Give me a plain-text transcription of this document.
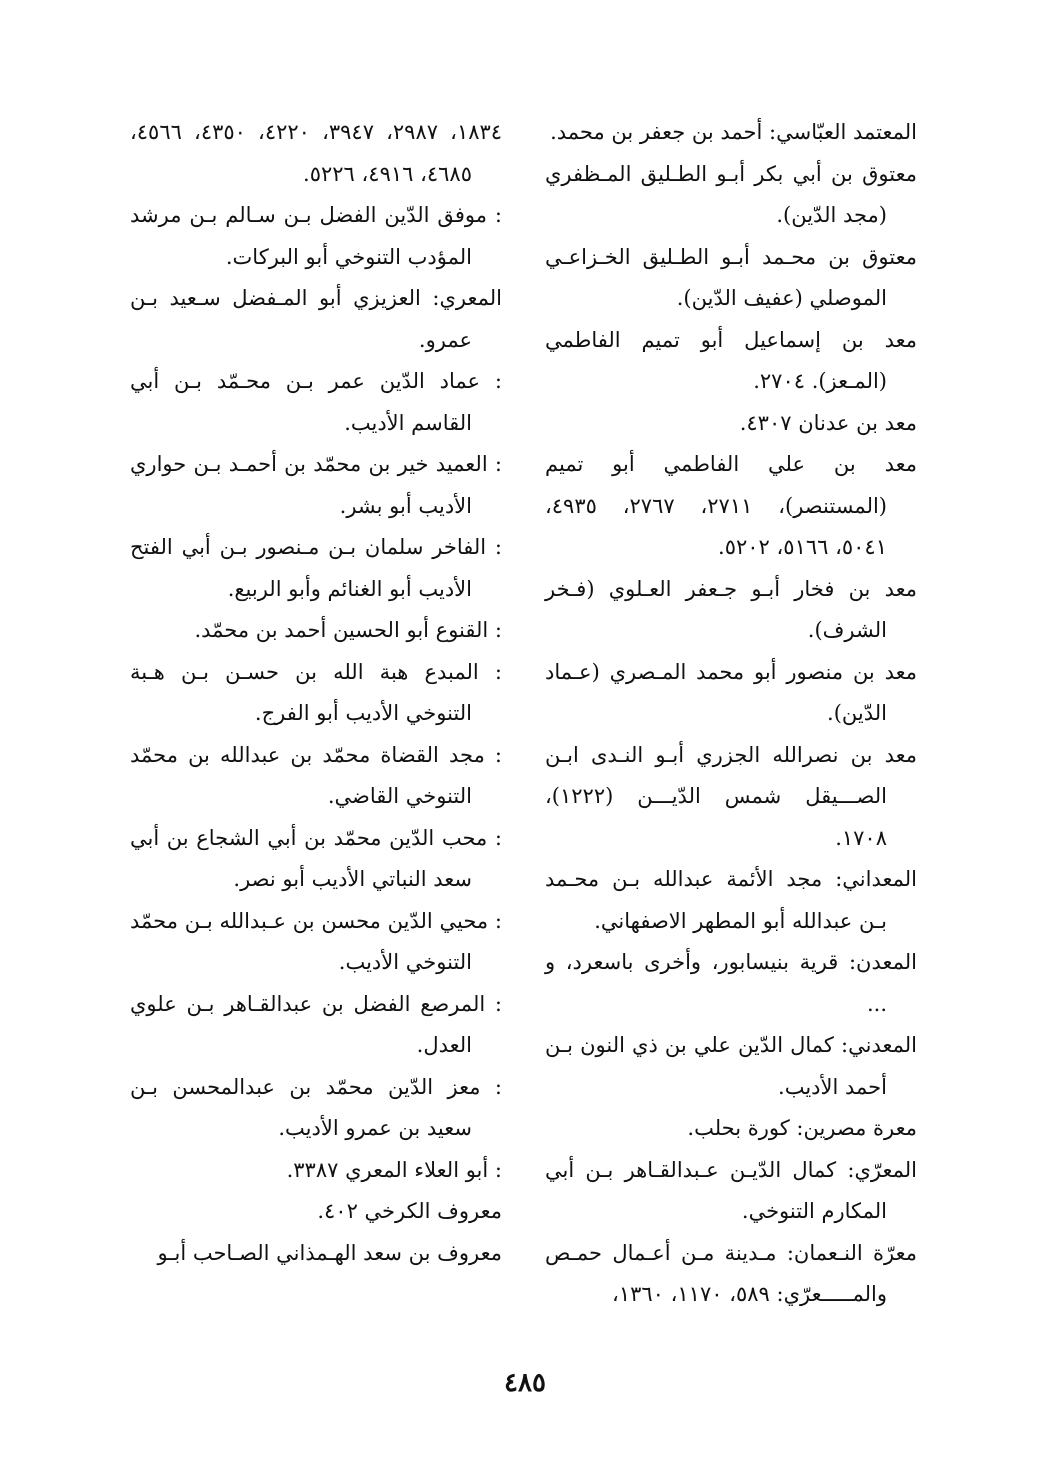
المعتمد العبّاسي: أحمد بن جعفر بن محمد.

معتوق بن أبي بكر أبـو الطـليق المـظفري (مجد الدّين).

معتوق بن محـمد أبـو الطـليق الخـزاعـي الموصلي (عفيف الدّين).

معد بن إسماعيل أبو تميم الفاطمي (المـعز). ٢٧٠٤.

معد بن عدنان ٤٣٠٧.

معد بن علي الفاطمي أبو تميم (المستنصر)، ٢٧١١، ٢٧٦٧، ٤٩٣٥، ٥٠٤١، ٥١٦٦، ٥٢٠٢.

معد بن فخار أبـو جـعفر العـلوي (فـخر الشرف).

معد بن منصور أبو محمد المـصري (عـماد الدّين).

معد بن نصرالله الجزري أبـو النـدى ابـن الصـــيقل شمس الدّيـــن (١٢٢٢)، ١٧٠٨.

المعداني: مجد الأئمة عبدالله بـن محـمد بـن عبدالله أبو المطهر الاصفهاني.

المعدن: قرية بنيسابور، وأخرى باسعرد، و ...

المعدني: كمال الدّين علي بن ذي النون بـن أحمد الأديب.

معرة مصرين: كورة بحلب.

المعرّي: كمال الدّيـن عـبدالقـاهر بـن أبي المكارم التنوخي.

معرّة النـعمان: مـدينة مـن أعـمال حمـص والمـــــعرّي: ٥٨٩، ١١٧٠، ١٣٦٠،

١٨٣٤، ٢٩٨٧، ٣٩٤٧، ٤٢٢٠، ٤٣٥٠، ٤٥٦٦، ٤٦٨٥، ٤٩١٦، ٥٢٢٦.

: موفق الدّين الفضل بـن سـالم بـن مرشد المؤدب التنوخي أبو البركات.

المعري: العزيزي أبو المـفضل سـعيد بـن عمرو.

: عماد الدّين عمر بـن محـمّد بـن أبي القاسم الأديب.

: العميد خير بن محمّد بن أحمـد بـن حواري الأديب أبو بشر.

: الفاخر سلمان بـن مـنصور بـن أبي الفتح الأديب أبو الغنائم وأبو الربيع.

: القنوع أبو الحسين أحمد بن محمّد.

: المبدع هبة الله بن حسـن بـن هـبة التنوخي الأديب أبو الفرج.

: مجد القضاة محمّد بن عبدالله بن محمّد التنوخي القاضي.

: محب الدّين محمّد بن أبي الشجاع بن أبي سعد النباتي الأديب أبو نصر.

: محيي الدّين محسن بن عـبدالله بـن محمّد التنوخي الأديب.

: المرصع الفضل بن عبدالقـاهر بـن علوي العدل.

: معز الدّين محمّد بن عبدالمحسن بـن سعيد بن عمرو الأديب.

: أبو العلاء المعري ٣٣٨٧.

معروف الكرخي ٤٠٢.

معروف بن سعد الهـمذاني الصـاحب أبـو

٤٨٥
